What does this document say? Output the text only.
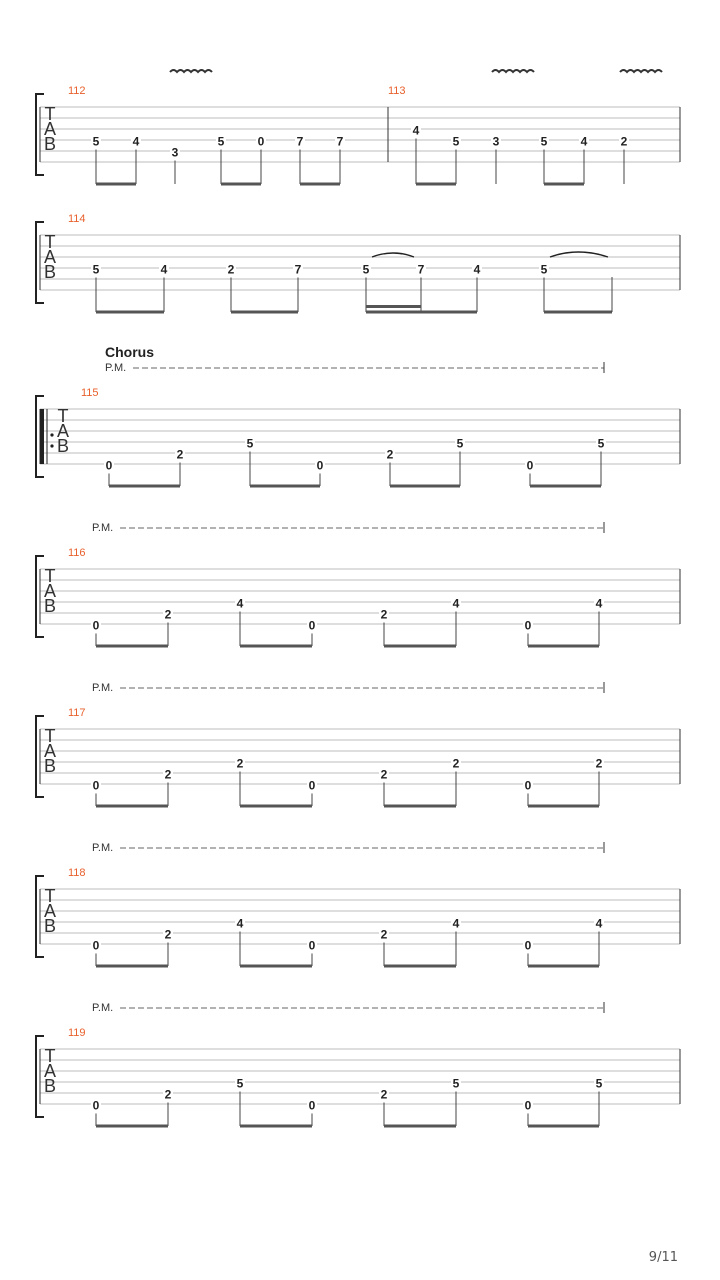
T
A
B
112
5	4
3
5	0	7	7
113
4
5	3	5	4	2
T
A
B
114
5	4	2	7	5	7	4	5
T
A
B
Chorus
P.M.
115
0
2
5
0
2
5
0
5
T
A
B
P.M.
116
0
2
4
0
2
4
0
4
T
A
B
P.M.
117
0
2
2
0
2
2
0
2
T
A
B
P.M.
118
0
2
4
0
2
4
0
4
T
A
B
P.M.
119
0
2
5
0
2
5
0
5
9/11
